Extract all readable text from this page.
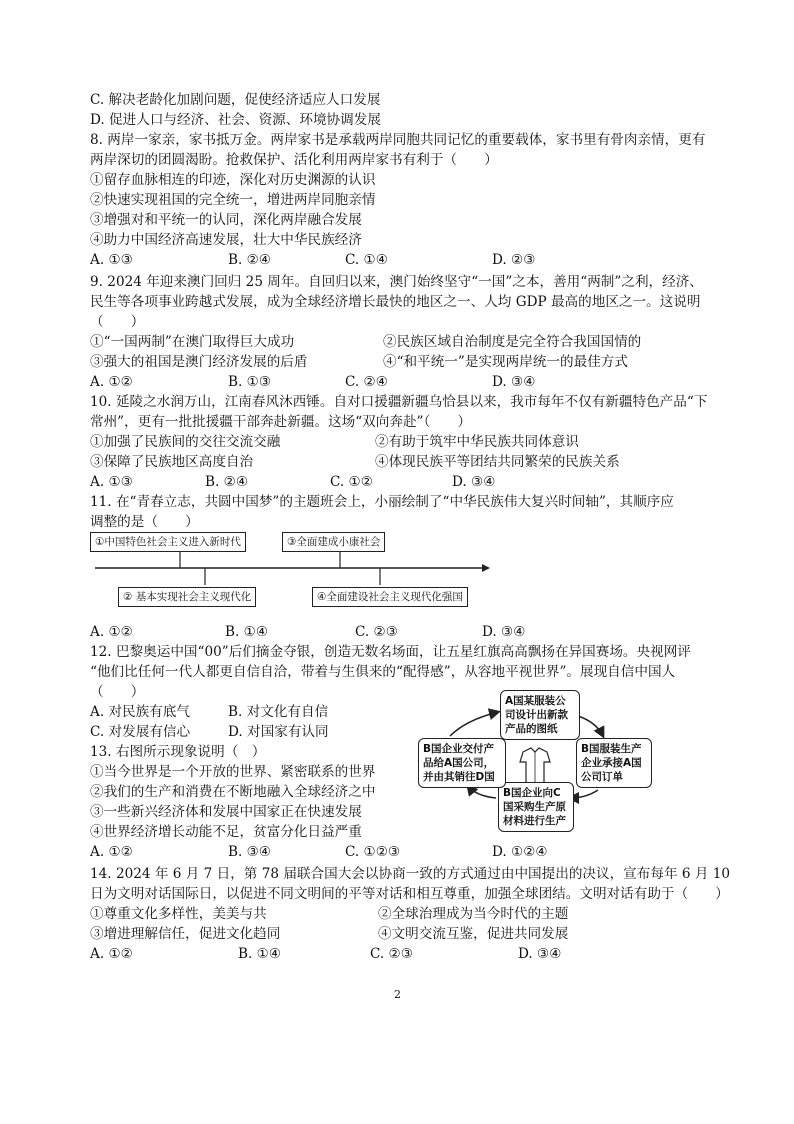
C. 解决老龄化加剧问题，促使经济适应人口发展
D. 促进人口与经济、社会、资源、环境协调发展
8. 两岸一家亲，家书抵万金。两岸家书是承载两岸同胞共同记忆的重要载体，家书里有骨肉亲情，更有
两岸深切的团圆渴盼。抢救保护、活化利用两岸家书有利于（　　）
①留存血脉相连的印迹，深化对历史渊源的认识
②快速实现祖国的完全统一，增进两岸同胞亲情
③增强对和平统一的认同，深化两岸融合发展
④助力中国经济高速发展，壮大中华民族经济
A. ①③	B. ②④	C. ①④	D. ②③
9. 2024 年迎来澳门回归 25 周年。自回归以来，澳门始终坚守“一国”之本，善用“两制”之利，经济、
民生等各项事业跨越式发展，成为全球经济增长最快的地区之一、人均 GDP 最高的地区之一。这说明
（　　）
①“一国两制”在澳门取得巨大成功	②民族区域自治制度是完全符合我国国情的
③强大的祖国是澳门经济发展的后盾	④“和平统一”是实现两岸统一的最佳方式
A. ①②	B. ①③	C. ②④	D. ③④
10. 延陵之水润万山，江南春风沐西锤。自对口援疆新疆乌恰县以来，我市每年不仅有新疆特色产品“下
常州”，更有一批批援疆干部奔赴新疆。这场“双向奔赴”（　　）
①加强了民族间的交往交流交融	②有助于筑牢中华民族共同体意识
③保障了民族地区高度自治	④体现民族平等团结共同繁荣的民族关系
A. ①③	B. ②④	C. ①②	D. ③④
11. 在“青春立志，共圆中国梦”的主题班会上，小丽绘制了“中华民族伟大复兴时间轴”，其顺序应
调整的是（　　）
①中国特色社会主义进入新时代	③全面建成小康社会
② 基本实现社会主义现代化	④全面建设社会主义现代化强国
A. ①②	B. ①④	C. ②③	D. ③④
12. 巴黎奥运中国“00”后们摘金夺银，创造无数名场面，让五星红旗高高飘扬在异国赛场。央视网评
“他们比任何一代人都更自信自洽，带着与生俱来的“配得感”，从容地平视世界”。展现自信中国人
（　　）
A. 对民族有底气	B. 对文化有自信
C. 对发展有信心	D. 对国家有认同
13. 右图所示现象说明（　）
①当今世界是一个开放的世界、紧密联系的世界
②我们的生产和消费在不断地融入全球经济之中
③一些新兴经济体和发展中国家正在快速发展
④世界经济增长动能不足，贫富分化日益严重
A. ①②	B. ③④	C. ①②③	D. ①②④
A国某服装公司设计出新款产品的图纸
B国服装生产企业承接A国公司订单
B国企业向C国采购生产原材料进行生产
B国企业交付产品给A国公司，并由其销往D国
14. 2024 年 6 月 7 日，第 78 届联合国大会以协商一致的方式通过由中国提出的决议，宣布每年 6 月 10
日为文明对话国际日，以促进不同文明间的平等对话和相互尊重，加强全球团结。文明对话有助于（　　）
①尊重文化多样性，美美与共	②全球治理成为当今时代的主题
③增进理解信任，促进文化趋同	④文明交流互鉴，促进共同发展
A. ①②	B. ①④	C. ②③	D. ③④
2
